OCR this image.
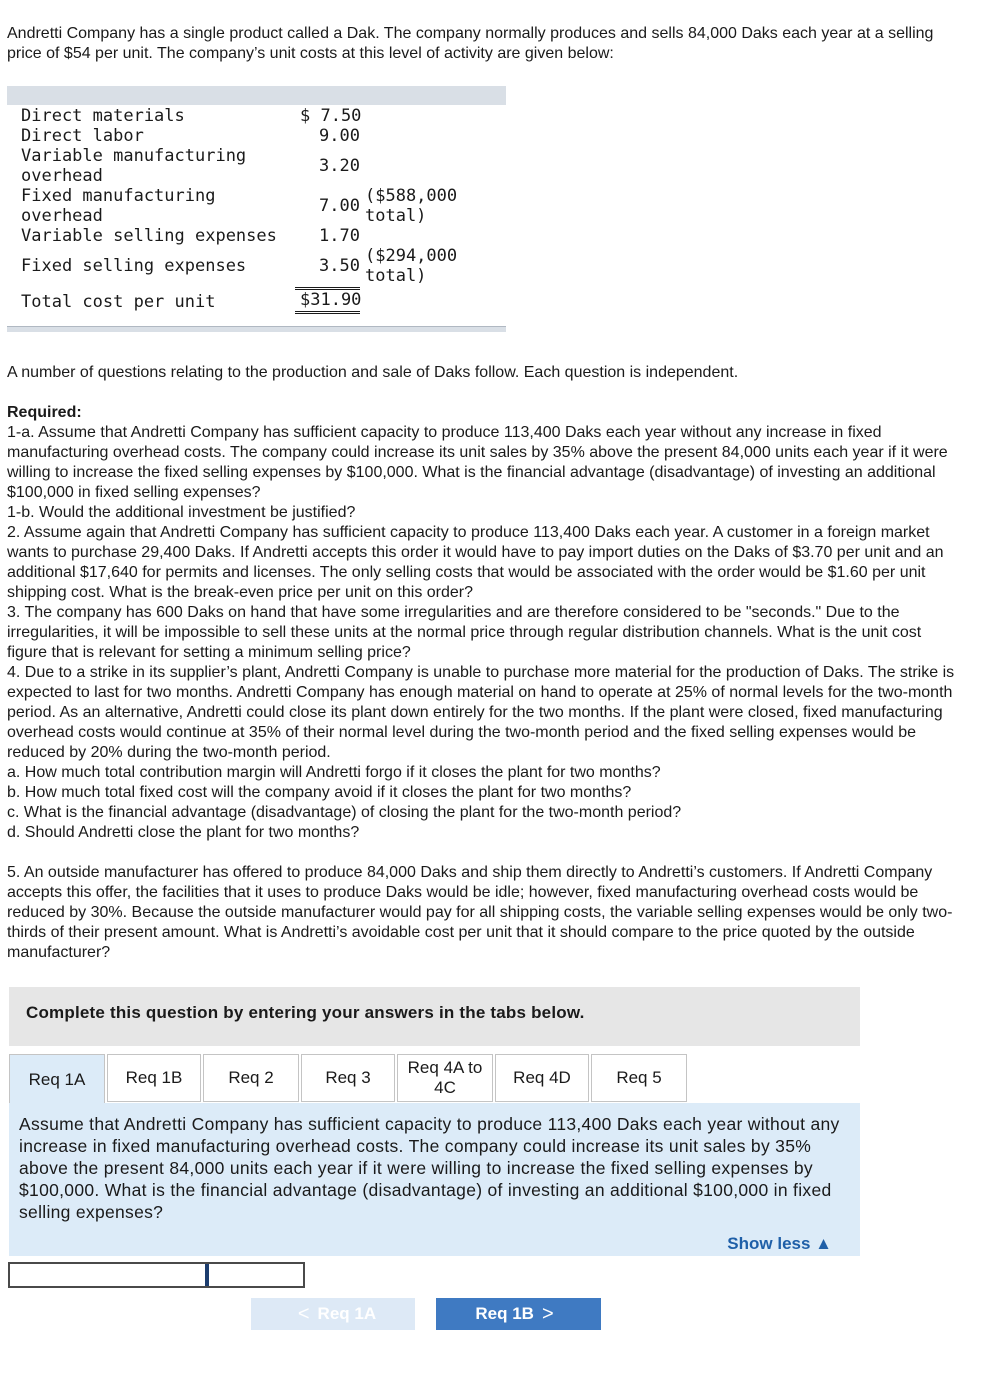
Andretti Company has a single product called a Dak. The company normally produces and sells 84,000 Daks each year at a selling price of $54 per unit. The company’s unit costs at this level of activity are given below:
Direct materials	$ 7.50
Direct labor	9.00
Variable manufacturing
overhead	3.20
Fixed manufacturing
overhead	7.00 ($588,000
total)
Variable selling expenses	1.70
Fixed selling expenses	3.50 ($294,000
total)
Total cost per unit	$31.90
A number of questions relating to the production and sale of Daks follow. Each question is independent.

Required:

1-a. Assume that Andretti Company has sufficient capacity to produce 113,400 Daks each year without any increase in fixed manufacturing overhead costs. The company could increase its unit sales by 35% above the present 84,000 units each year if it were willing to increase the fixed selling expenses by $100,000. What is the financial advantage (disadvantage) of investing an additional $100,000 in fixed selling expenses?

1-b. Would the additional investment be justified?

2. Assume again that Andretti Company has sufficient capacity to produce 113,400 Daks each year. A customer in a foreign market wants to purchase 29,400 Daks. If Andretti accepts this order it would have to pay import duties on the Daks of $3.70 per unit and an additional $17,640 for permits and licenses. The only selling costs that would be associated with the order would be $1.60 per unit shipping cost. What is the break-even price per unit on this order?

3. The company has 600 Daks on hand that have some irregularities and are therefore considered to be "seconds." Due to the irregularities, it will be impossible to sell these units at the normal price through regular distribution channels. What is the unit cost figure that is relevant for setting a minimum selling price?

4. Due to a strike in its supplier’s plant, Andretti Company is unable to purchase more material for the production of Daks. The strike is expected to last for two months. Andretti Company has enough material on hand to operate at 25% of normal levels for the two-month period. As an alternative, Andretti could close its plant down entirely for the two months. If the plant were closed, fixed manufacturing overhead costs would continue at 35% of their normal level during the two-month period and the fixed selling expenses would be reduced by 20% during the two-month period.

a. How much total contribution margin will Andretti forgo if it closes the plant for two months?

b. How much total fixed cost will the company avoid if it closes the plant for two months?

c. What is the financial advantage (disadvantage) of closing the plant for the two-month period?

d. Should Andretti close the plant for two months?

5. An outside manufacturer has offered to produce 84,000 Daks and ship them directly to Andretti’s customers. If Andretti Company accepts this offer, the facilities that it uses to produce Daks would be idle; however, fixed manufacturing overhead costs would be reduced by 30%. Because the outside manufacturer would pay for all shipping costs, the variable selling expenses would be only two-thirds of their present amount. What is Andretti’s avoidable cost per unit that it should compare to the price quoted by the outside manufacturer?
Complete this question by entering your answers in the tabs below.
Req 1A Req 1B	Req 2	Req 3
Req 4A to
4C
Req 4D	Req 5
Assume that Andretti Company has sufficient capacity to produce 113,400 Daks each year without any increase in fixed manufacturing overhead costs. The company could increase its unit sales by 35% above the present 84,000 units each year if it were willing to increase the fixed selling expenses by $100,000. What is the financial advantage (disadvantage) of investing an additional $100,000 in fixed selling expenses?
Show less ▲
< Req 1A	Req 1B >
